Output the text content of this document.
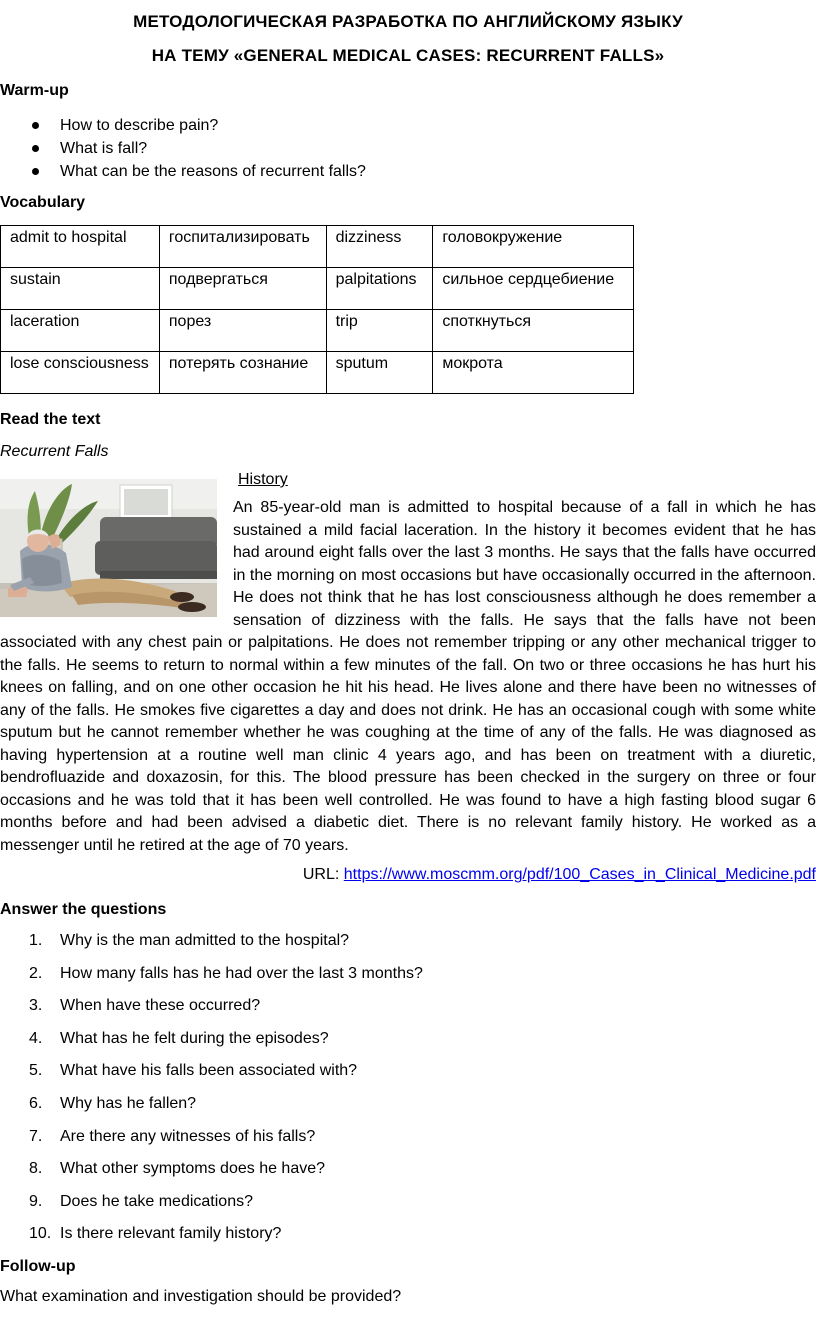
МЕТОДОЛОГИЧЕСКАЯ РАЗРАБОТКА ПО АНГЛИЙСКОМУ ЯЗЫКУ
НА ТЕМУ «GENERAL MEDICAL CASES: RECURRENT FALLS»
Warm-up
How to describe pain?
What is fall?
What can be the reasons of recurrent falls?
Vocabulary
admit to hospital	госпитализировать	dizziness	головокружение
sustain	подвергаться	palpitations	сильное сердцебиение
laceration	порез	trip	споткнуться
lose consciousness	потерять сознание	sputum	мокрота
Read the text
Recurrent Falls
History
An 85-year-old man is admitted to hospital because of a fall in which he has sustained a mild facial laceration. In the history it becomes evident that he has had around eight falls over the last 3 months. He says that the falls have occurred in the morning on most occasions but have occasionally occurred in the afternoon. He does not think that he has lost consciousness although he does remember a sensation of dizziness with the falls. He says that the falls have not been associated with any chest pain or palpitations. He does not remember tripping or any other mechanical trigger to the falls. He seems to return to normal within a few minutes of the fall. On two or three occasions he has hurt his knees on falling, and on one other occasion he hit his head. He lives alone and there have been no witnesses of any of the falls. He smokes five cigarettes a day and does not drink. He has an occasional cough with some white sputum but he cannot remember whether he was coughing at the time of any of the falls. He was diagnosed as having hypertension at a routine well man clinic 4 years ago, and has been on treatment with a diuretic, bendrofluazide and doxazosin, for this. The blood pressure has been checked in the surgery on three or four occasions and he was told that it has been well controlled. He was found to have a high fasting blood sugar 6 months before and had been advised a diabetic diet. There is no relevant family history. He worked as a messenger until he retired at the age of 70 years.
URL: https://www.moscmm.org/pdf/100_Cases_in_Clinical_Medicine.pdf
Answer the questions
1. Why is the man admitted to the hospital?
2. How many falls has he had over the last 3 months?
3. When have these occurred?
4. What has he felt during the episodes?
5. What have his falls been associated with?
6. Why has he fallen?
7. Are there any witnesses of his falls?
8. What other symptoms does he have?
9. Does he take medications?
10. Is there relevant family history?
Follow-up
What examination and investigation should be provided?
